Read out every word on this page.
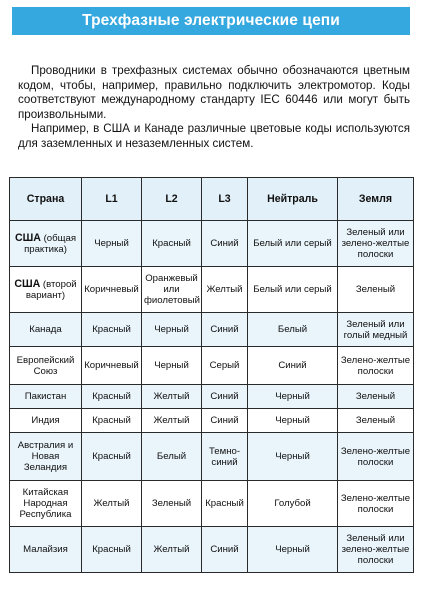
Трехфазные электрические цепи

Проводники в трехфазных системах обычно обозначаются цветным кодом, чтобы, например, правильно подключить электромотор. Коды соответствуют международному стандарту IEC 60446 или могут быть произвольными.

Например, в США и Канаде различные цветовые коды используются для заземленных и незаземленных систем.

Страна	L1	L2	L3	Нейтраль	Земля
США (общая практика)	Черный	Красный	Синий	Белый или серый	Зеленый или зелено-желтые полоски
США (второй вариант)	Коричневый	Оранжевый или фиолетовый	Желтый	Белый или серый	Зеленый
Канада	Красный	Черный	Синий	Белый	Зеленый или голый медный
Европейский Союз	Коричневый	Черный	Серый	Синий	Зелено-желтые полоски
Пакистан	Красный	Желтый	Синий	Черный	Зеленый
Индия	Красный	Желтый	Синий	Черный	Зеленый
Австралия и Новая Зеландия	Красный	Белый	Темно-синий	Черный	Зелено-желтые полоски
Китайская Народная Республика	Желтый	Зеленый	Красный	Голубой	Зелено-желтые полоски
Малайзия	Красный	Желтый	Синий	Черный	Зеленый или зелено-желтые полоски
